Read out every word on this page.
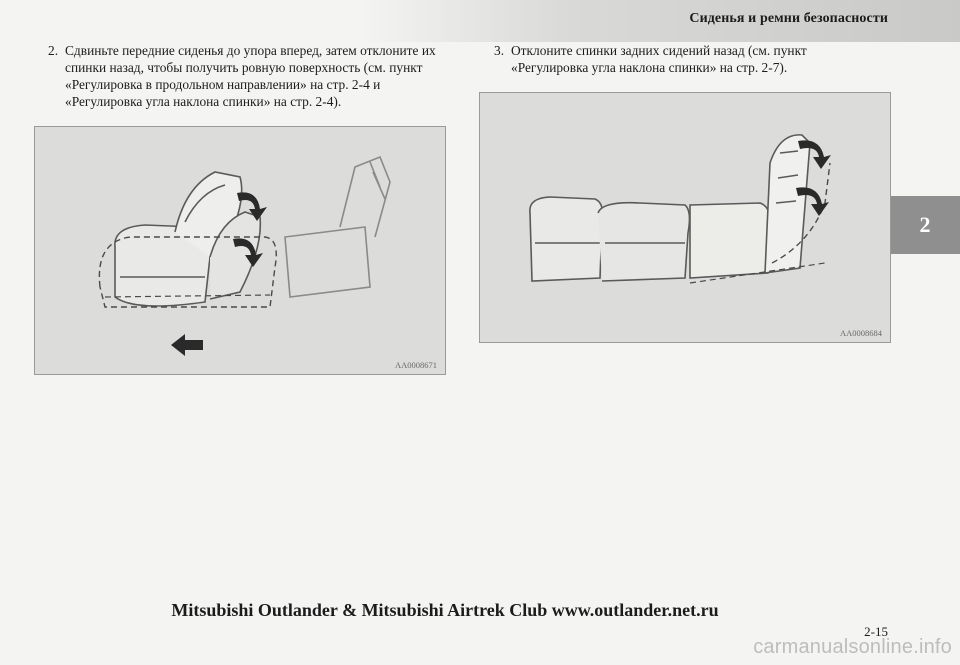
Сиденья и ремни безопасности
2
2. Сдвиньте передние сиденья до упора вперед, затем отклоните их спинки назад, чтобы получить ровную поверхность (см. пункт «Регулировка в продольном направлении» на стр. 2-4 и «Регулировка угла наклона спинки» на стр. 2-4).
3. Отклоните спинки задних сидений назад (см. пункт «Регулировка угла наклона спинки» на стр. 2-7).
AA0008671
AA0008684
Mitsubishi Outlander & Mitsubishi Airtrek Club www.outlander.net.ru
2-15
carmanualsonline.info
